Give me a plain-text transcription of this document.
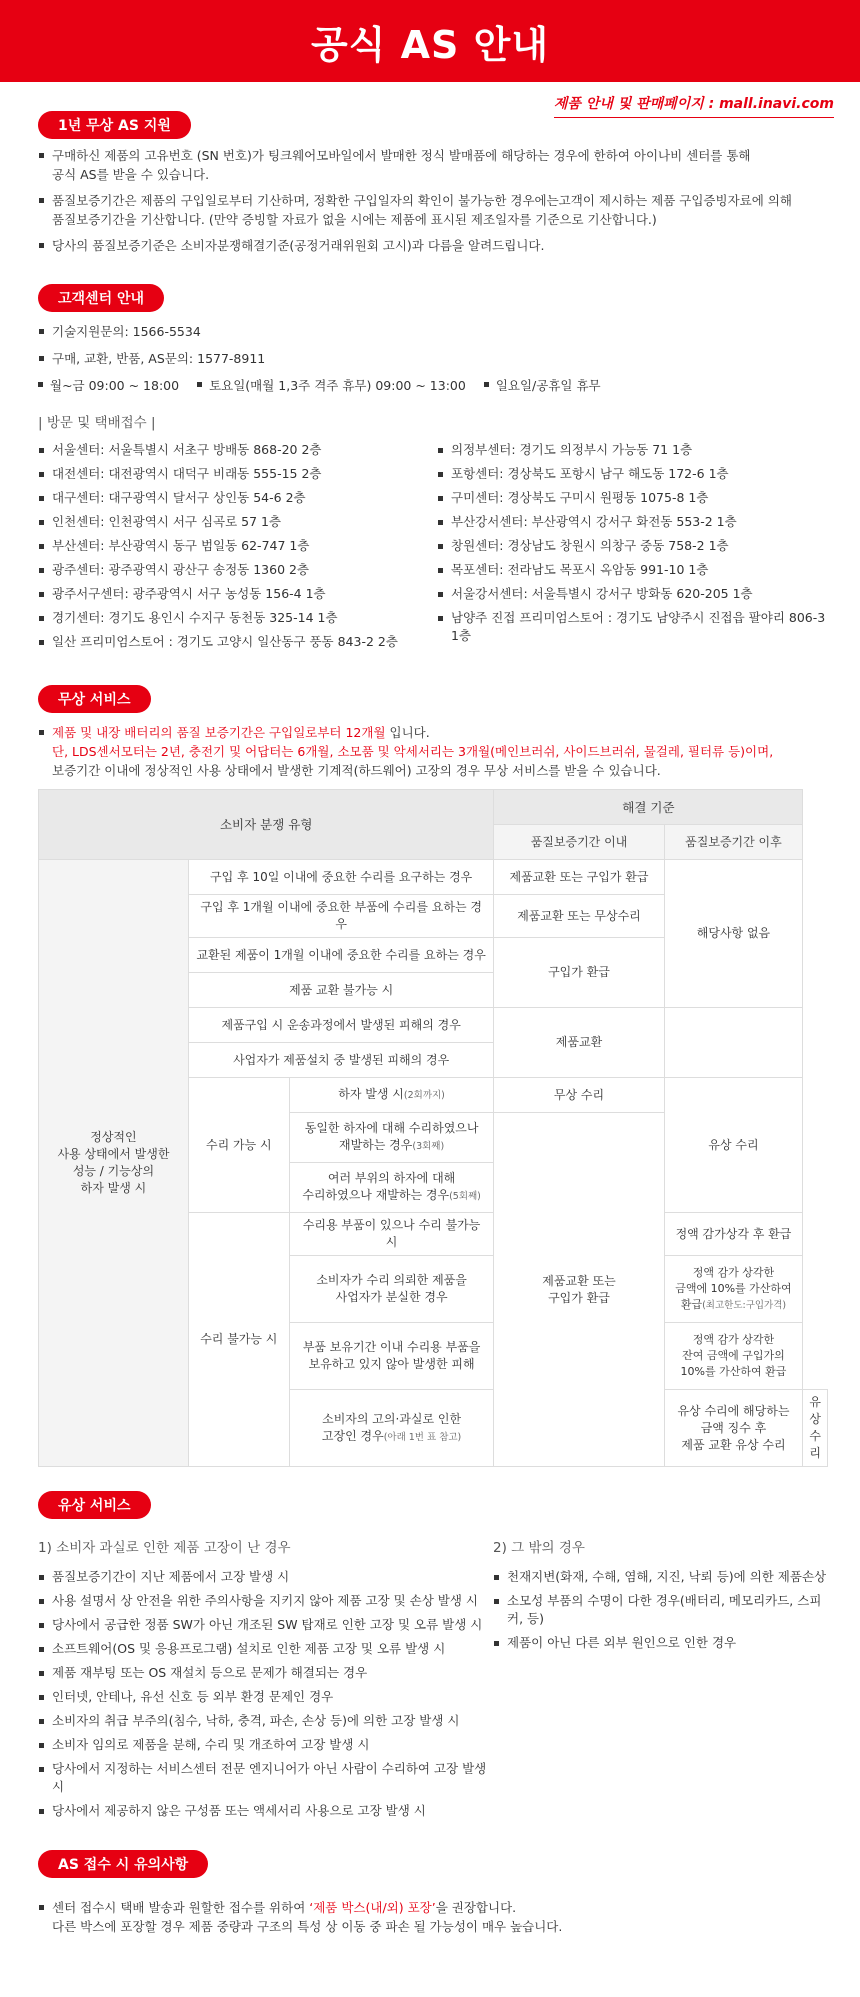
공식 AS 안내
제품 안내 및 판매페이지 : mall.inavi.com
1년 무상 AS 지원
구매하신 제품의 고유번호 (SN 번호)가 팅크웨어모바일에서 발매한 정식 발매품에 해당하는 경우에 한하여 아이나비 센터를 통해
공식 AS를 받을 수 있습니다.
품질보증기간은 제품의 구입일로부터 기산하며, 정확한 구입일자의 확인이 불가능한 경우에는고객이 제시하는 제품 구입증빙자료에 의해
품질보증기간을 기산합니다. (만약 증빙할 자료가 없을 시에는 제품에 표시된 제조일자를 기준으로 기산합니다.)
당사의 품질보증기준은 소비자분쟁해결기준(공정거래위원회 고시)과 다름을 알려드립니다.
고객센터 안내
기술지원문의: 1566-5534
구매, 교환, 반품, AS문의: 1577-8911
월~금 09:00 ~ 18:00	토요일(매월 1,3주 격주 휴무) 09:00 ~ 13:00	일요일/공휴일 휴무
| 방문 및 택배접수 |
서울센터: 서울특별시 서초구 방배동 868-20 2층
대전센터: 대전광역시 대덕구 비래동 555-15 2층
대구센터: 대구광역시 달서구 상인동 54-6 2층
인천센터: 인천광역시 서구 심곡로 57 1층
부산센터: 부산광역시 동구 범일동 62-747 1층
광주센터: 광주광역시 광산구 송정동 1360 2층
광주서구센터: 광주광역시 서구 농성동 156-4 1층
경기센터: 경기도 용인시 수지구 동천동 325-14 1층
일산 프리미엄스토어 : 경기도 고양시 일산동구 풍동 843-2 2층
의정부센터: 경기도 의정부시 가능동 71 1층
포항센터: 경상북도 포항시 남구 해도동 172-6 1층
구미센터: 경상북도 구미시 원평동 1075-8 1층
부산강서센터: 부산광역시 강서구 화전동 553-2 1층
창원센터: 경상남도 창원시 의창구 중동 758-2 1층
목포센터: 전라남도 목포시 옥암동 991-10 1층
서울강서센터: 서울특별시 강서구 방화동 620-205 1층
남양주 진접 프리미엄스토어 : 경기도 남양주시 진접읍 팔야리 806-3 1층
무상 서비스
제품 및 내장 배터리의 품질 보증기간은 구입일로부터 12개월 입니다.
단, LDS센서모터는 2년, 충전기 및 어답터는 6개월, 소모품 및 악세서리는 3개월(메인브러쉬, 사이드브러쉬, 물걸레, 필터류 등)이며,
보증기간 이내에 정상적인 사용 상태에서 발생한 기계적(하드웨어) 고장의 경우 무상 서비스를 받을 수 있습니다.
소비자 분쟁 유형			해결 기준		
			품질보증기간 이내	품질보증기간 이후	
정상적인
사용 상태에서 발생한
성능 / 기능상의
하자 발생 시	구입 후 10일 이내에 중요한 수리를 요구하는 경우		제품교환 또는 구입가 환급	해당사항 없음	
	구입 후 1개월 이내에 중요한 부품에 수리를 요하는 경우		제품교환 또는 무상수리		
	교환된 제품이 1개월 이내에 중요한 수리를 요하는 경우		구입가 환급		
	제품 교환 불가능 시				
	제품구입 시 운송과정에서 발생된 피해의 경우		제품교환		
	사업자가 제품설치 중 발생된 피해의 경우				
	수리 가능 시	하자 발생 시(2회까지)	무상 수리	유상 수리	
		동일한 하자에 대해 수리하였으나
재발하는 경우(3회째)	제품교환 또는
구입가 환급		
		여러 부위의 하자에 대해
수리하였으나 재발하는 경우(5회째)			
	수리 불가능 시	수리용 부품이 있으나 수리 불가능 시		정액 감가상각 후 환급	
		소비자가 수리 의뢰한 제품을
사업자가 분실한 경우		정액 감가 상각한
금액에 10%를 가산하여
환급(최고한도:구입가격)	
		부품 보유기간 이내 수리용 부품을
보유하고 있지 않아 발생한 피해		정액 감가 상각한
잔여 금액에 구입가의
10%를 가산하여 환급	
		소비자의 고의·과실로 인한
고장인 경우(아래 1번 표 참고)		유상 수리에 해당하는
금액 징수 후
제품 교환 유상 수리	유상 수리
유상 서비스
1) 소비자 과실로 인한 제품 고장이 난 경우
품질보증기간이 지난 제품에서 고장 발생 시
사용 설명서 상 안전을 위한 주의사항을 지키지 않아 제품 고장 및 손상 발생 시
당사에서 공급한 정품 SW가 아닌 개조된 SW 탑재로 인한 고장 및 오류 발생 시
소프트웨어(OS 및 응용프로그램) 설치로 인한 제품 고장 및 오류 발생 시
제품 재부팅 또는 OS 재설치 등으로 문제가 해결되는 경우
인터넷, 안테나, 유선 신호 등 외부 환경 문제인 경우
소비자의 취급 부주의(침수, 낙하, 충격, 파손, 손상 등)에 의한 고장 발생 시
소비자 임의로 제품을 분해, 수리 및 개조하여 고장 발생 시
당사에서 지정하는 서비스센터 전문 엔지니어가 아닌 사람이 수리하여 고장 발생 시
당사에서 제공하지 않은 구성품 또는 액세서리 사용으로 고장 발생 시
2) 그 밖의 경우
천재지변(화재, 수해, 염해, 지진, 낙뢰 등)에 의한 제품손상
소모성 부품의 수명이 다한 경우(배터리, 메모리카드, 스피커, 등)
제품이 아닌 다른 외부 원인으로 인한 경우
AS 접수 시 유의사항
센터 접수시 택배 발송과 원할한 접수를 위하여 ‘제품 박스(내/외) 포장’을 권장합니다.
다른 박스에 포장할 경우 제품 중량과 구조의 특성 상 이동 중 파손 될 가능성이 매우 높습니다.
